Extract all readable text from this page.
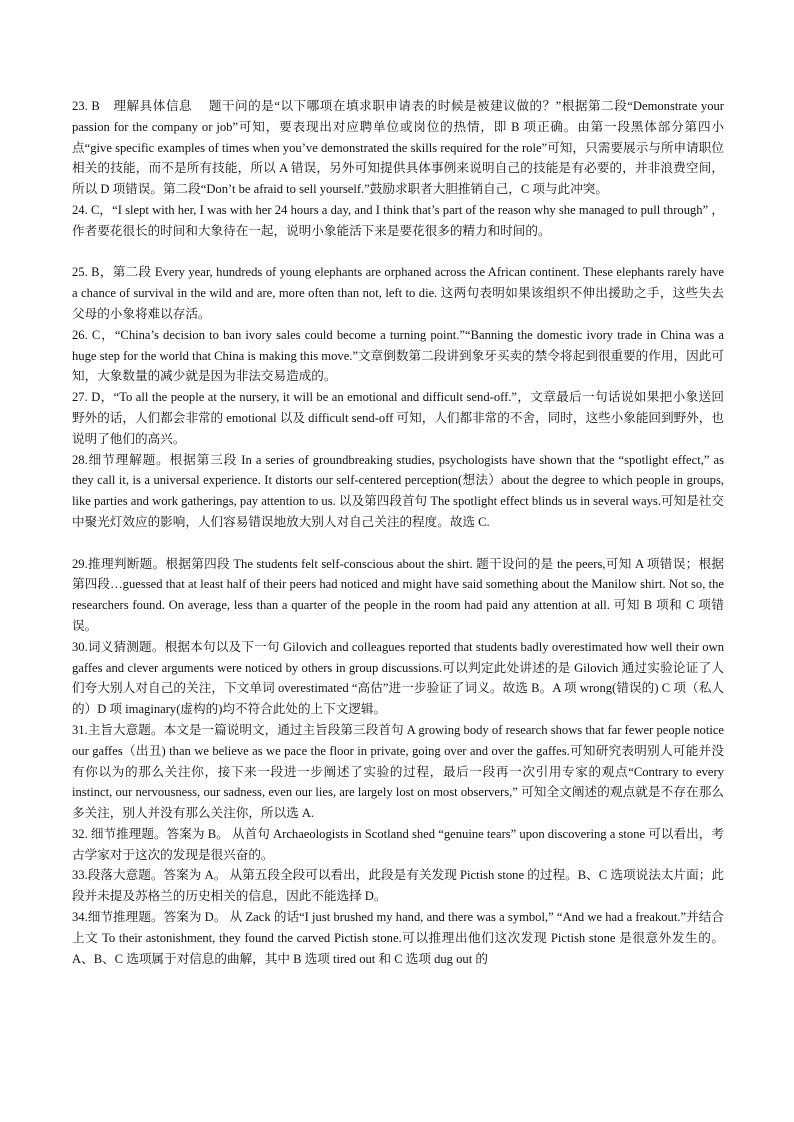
23. B　理解具体信息　 题干问的是“以下哪项在填求职申请表的时候是被建议做的？”根据第二段“Demonstrate your passion for the company or job”可知，要表现出对应聘单位或岗位的热情，即 B 项正确。由第一段黑体部分第四小点“give specific examples of times when you’ve demonstrated the skills required for the role”可知，只需要展示与所申请职位相关的技能，而不是所有技能，所以 A 错误，另外可知提供具体事例来说明自己的技能是有必要的，并非浪费空间，所以 D 项错误。第二段“Don’t be afraid to sell yourself.”鼓励求职者大胆推销自己，C 项与此冲突。

24. C，“I slept with her, I was with her 24 hours a day, and I think that’s part of the reason why she managed to pull through” ，作者要花很长的时间和大象待在一起，说明小象能活下来是要花很多的精力和时间的。

25. B，第二段 Every year, hundreds of young elephants are orphaned across the African continent. These elephants rarely have a chance of survival in the wild and are, more often than not, left to die. 这两句表明如果该组织不伸出援助之手，这些失去父母的小象将难以存活。

26. C，“China’s decision to ban ivory sales could become a turning point.”“Banning the domestic ivory trade in China was a huge step for the world that China is making this move.”文章倒数第二段讲到象牙买卖的禁令将起到很重要的作用，因此可知，大象数量的减少就是因为非法交易造成的。

27. D，“To all the people at the nursery, it will be an emotional and difficult send-off.”，文章最后一句话说如果把小象送回野外的话，人们都会非常的 emotional 以及 difficult send-off 可知，人们都非常的不舍，同时，这些小象能回到野外，也说明了他们的高兴。

28.细节理解题。根据第三段 In a series of groundbreaking studies, psychologists have shown that the “spotlight effect,” as they call it, is a universal experience. It distorts our self-centered perception(想法）about the degree to which people in groups, like parties and work gatherings, pay attention to us. 以及第四段首句 The spotlight effect blinds us in several ways.可知是社交中聚光灯效应的影响，人们容易错误地放大别人对自己关注的程度。故选 C.

29.推理判断题。根据第四段 The students felt self-conscious about the shirt. 题干设问的是 the peers,可知 A 项错误；根据第四段…guessed that at least half of their peers had noticed and might have said something about the Manilow shirt. Not so, the researchers found. On average, less than a quarter of the people in the room had paid any attention at all. 可知 B 项和 C 项错误。

30.词义猜测题。根据本句以及下一句 Gilovich and colleagues reported that students badly overestimated how well their own gaffes and clever arguments were noticed by others in group discussions.可以判定此处讲述的是 Gilovich 通过实验论证了人们夸大别人对自己的关注，下文单词 overestimated “高估”进一步验证了词义。故选 B。A 项 wrong(错误的) C 项（私人的）D 项 imaginary(虚构的)均不符合此处的上下文逻辑。

31.主旨大意题。本文是一篇说明文，通过主旨段第三段首句 A growing body of research shows that far fewer people notice our gaffes（出丑) than we believe as we pace the floor in private, going over and over the gaffes.可知研究表明别人可能并没有你以为的那么关注你，接下来一段进一步阐述了实验的过程，最后一段再一次引用专家的观点“Contrary to every instinct, our nervousness, our sadness, even our lies, are largely lost on most observers,” 可知全文阐述的观点就是不存在那么多关注，别人并没有那么关注你，所以选 A.

32. 细节推理题。答案为 B。 从首句 Archaeologists in Scotland shed “genuine tears” upon discovering a stone 可以看出，考古学家对于这次的发现是很兴奋的。

33.段落大意题。答案为 A。 从第五段全段可以看出，此段是有关发现 Pictish stone 的过程。B、C 选项说法太片面；此段并未提及苏格兰的历史相关的信息，因此不能选择 D。

34.细节推理题。答案为 D。 从 Zack 的话“I just brushed my hand, and there was a symbol,” “And we had a freakout.”并结合上文 To their astonishment, they found the carved Pictish stone.可以推理出他们这次发现 Pictish stone 是很意外发生的。A、B、C 选项属于对信息的曲解，其中 B 选项 tired out 和 C 选项 dug out 的
